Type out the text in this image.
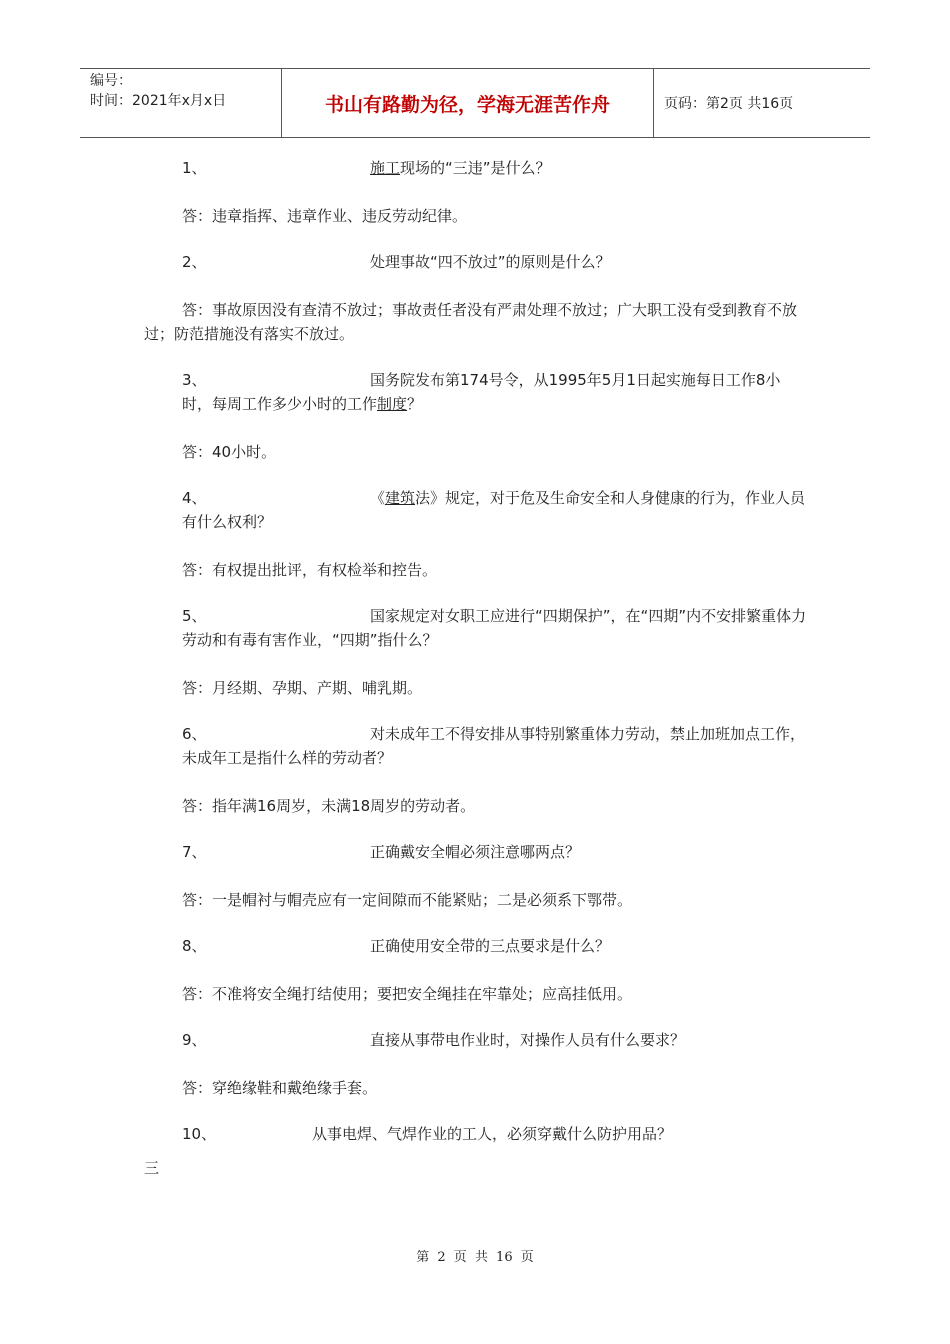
编号：
时间：2021年x月x日	书山有路勤为径，学海无涯苦作舟	页码：第2页 共16页

1、	施工现场的“三违”是什么？

答：违章指挥、违章作业、违反劳动纪律。

2、	处理事故“四不放过”的原则是什么？

答：事故原因没有查清不放过；事故责任者没有严肃处理不放过；广大职工没有受到教育不放过；防范措施没有落实不放过。

3、	国务院发布第174号令，从1995年5月1日起实施每日工作8小时，每周工作多少小时的工作制度？

答：40小时。

4、	《建筑法》规定，对于危及生命安全和人身健康的行为，作业人员有什么权利？

答：有权提出批评，有权检举和控告。

5、	国家规定对女职工应进行“四期保护”，在“四期”内不安排繁重体力劳动和有毒有害作业，“四期”指什么？

答：月经期、孕期、产期、哺乳期。

6、	对未成年工不得安排从事特别繁重体力劳动，禁止加班加点工作，未成年工是指什么样的劳动者？

答：指年满16周岁，未满18周岁的劳动者。

7、	正确戴安全帽必须注意哪两点？

答：一是帽衬与帽壳应有一定间隙而不能紧贴；二是必须系下鄂带。

8、	正确使用安全带的三点要求是什么？

答：不准将安全绳打结使用；要把安全绳挂在牢靠处；应高挂低用。

9、	直接从事带电作业时，对操作人员有什么要求？

答：穿绝缘鞋和戴绝缘手套。

10、	从事电焊、气焊作业的工人，必须穿戴什么防护用品？

三

第 2 页 共 16 页
